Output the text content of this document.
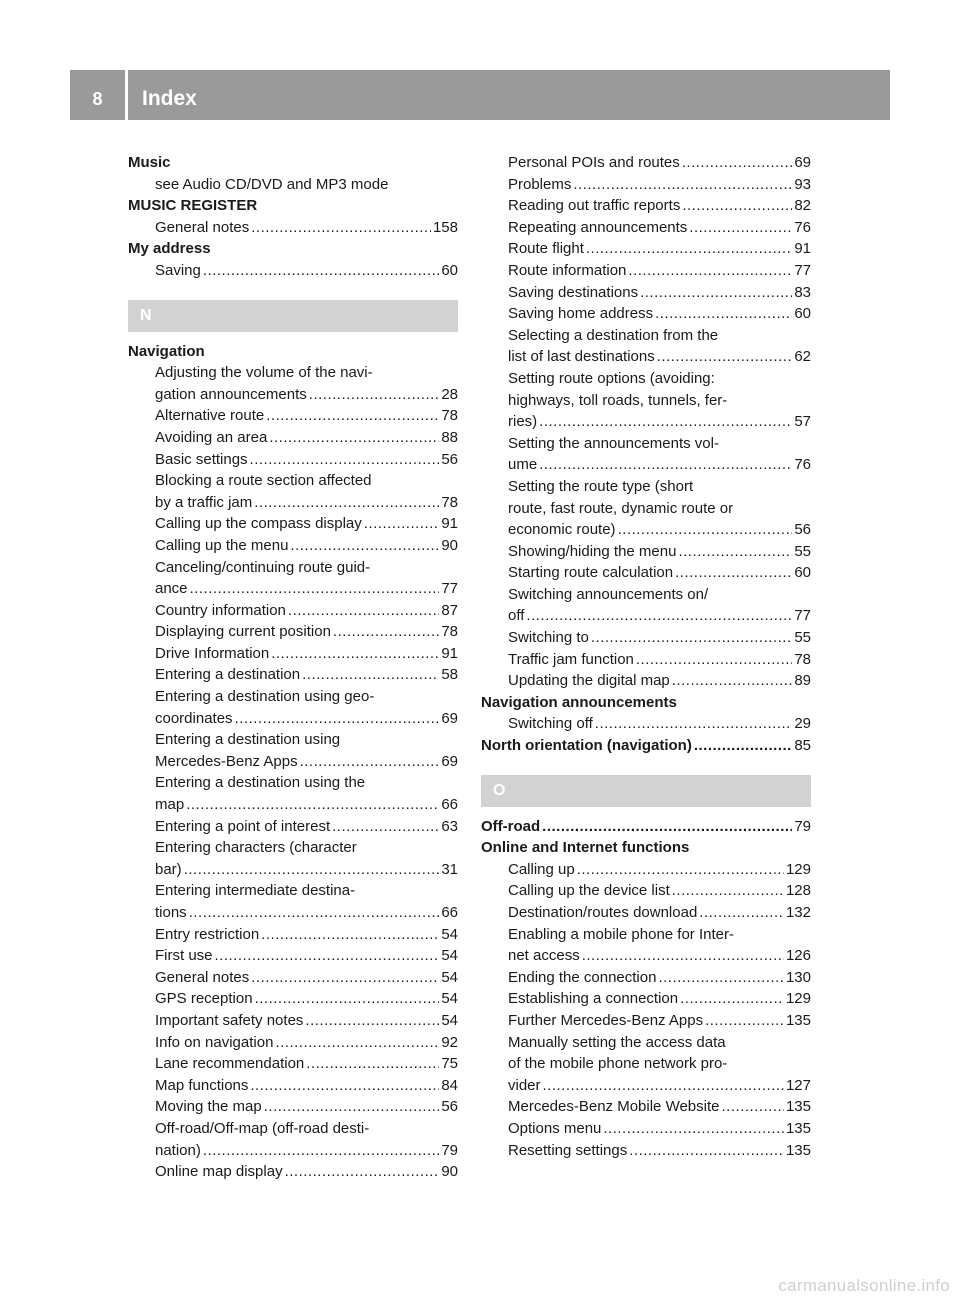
8	Index
Music
see Audio CD/DVD and MP3 mode
MUSIC REGISTER
General notes .....	158
My address
Saving .....	60
N
Navigation
Adjusting the volume of the navi-
gation announcements .....	28
Alternative route .....	78
Avoiding an area .....	88
Basic settings .....	56
Blocking a route section affected
by a traffic jam .....	78
Calling up the compass display .....	91
Calling up the menu .....	90
Canceling/continuing route guid-
ance .....	77
Country information .....	87
Displaying current position .....	78
Drive Information .....	91
Entering a destination .....	58
Entering a destination using geo-
coordinates .....	69
Entering a destination using
Mercedes-Benz Apps .....	69
Entering a destination using the
map .....	66
Entering a point of interest .....	63
Entering characters (character
bar) .....	31
Entering intermediate destina-
tions .....	66
Entry restriction .....	54
First use .....	54
General notes .....	54
GPS reception .....	54
Important safety notes .....	54
Info on navigation .....	92
Lane recommendation .....	75
Map functions .....	84
Moving the map .....	56
Off-road/Off-map (off-road desti-
nation) .....	79
Online map display .....	90
Personal POIs and routes .....	69
Problems .....	93
Reading out traffic reports .....	82
Repeating announcements .....	76
Route flight .....	91
Route information .....	77
Saving destinations .....	83
Saving home address .....	60
Selecting a destination from the
list of last destinations .....	62
Setting route options (avoiding:
highways, toll roads, tunnels, fer-
ries) .....	57
Setting the announcements vol-
ume .....	76
Setting the route type (short
route, fast route, dynamic route or
economic route) .....	56
Showing/hiding the menu .....	55
Starting route calculation .....	60
Switching announcements on/
off .....	77
Switching to .....	55
Traffic jam function .....	78
Updating the digital map .....	89
Navigation announcements
Switching off .....	29
North orientation (navigation) .....	85
O
Off-road .....	79
Online and Internet functions
Calling up .....	129
Calling up the device list .....	128
Destination/routes download .....	132
Enabling a mobile phone for Inter-
net access .....	126
Ending the connection .....	130
Establishing a connection .....	129
Further Mercedes-Benz Apps .....	135
Manually setting the access data
of the mobile phone network pro-
vider .....	127
Mercedes-Benz Mobile Website .....	135
Options menu .....	135
Resetting settings .....	135
carmanualsonline.info
